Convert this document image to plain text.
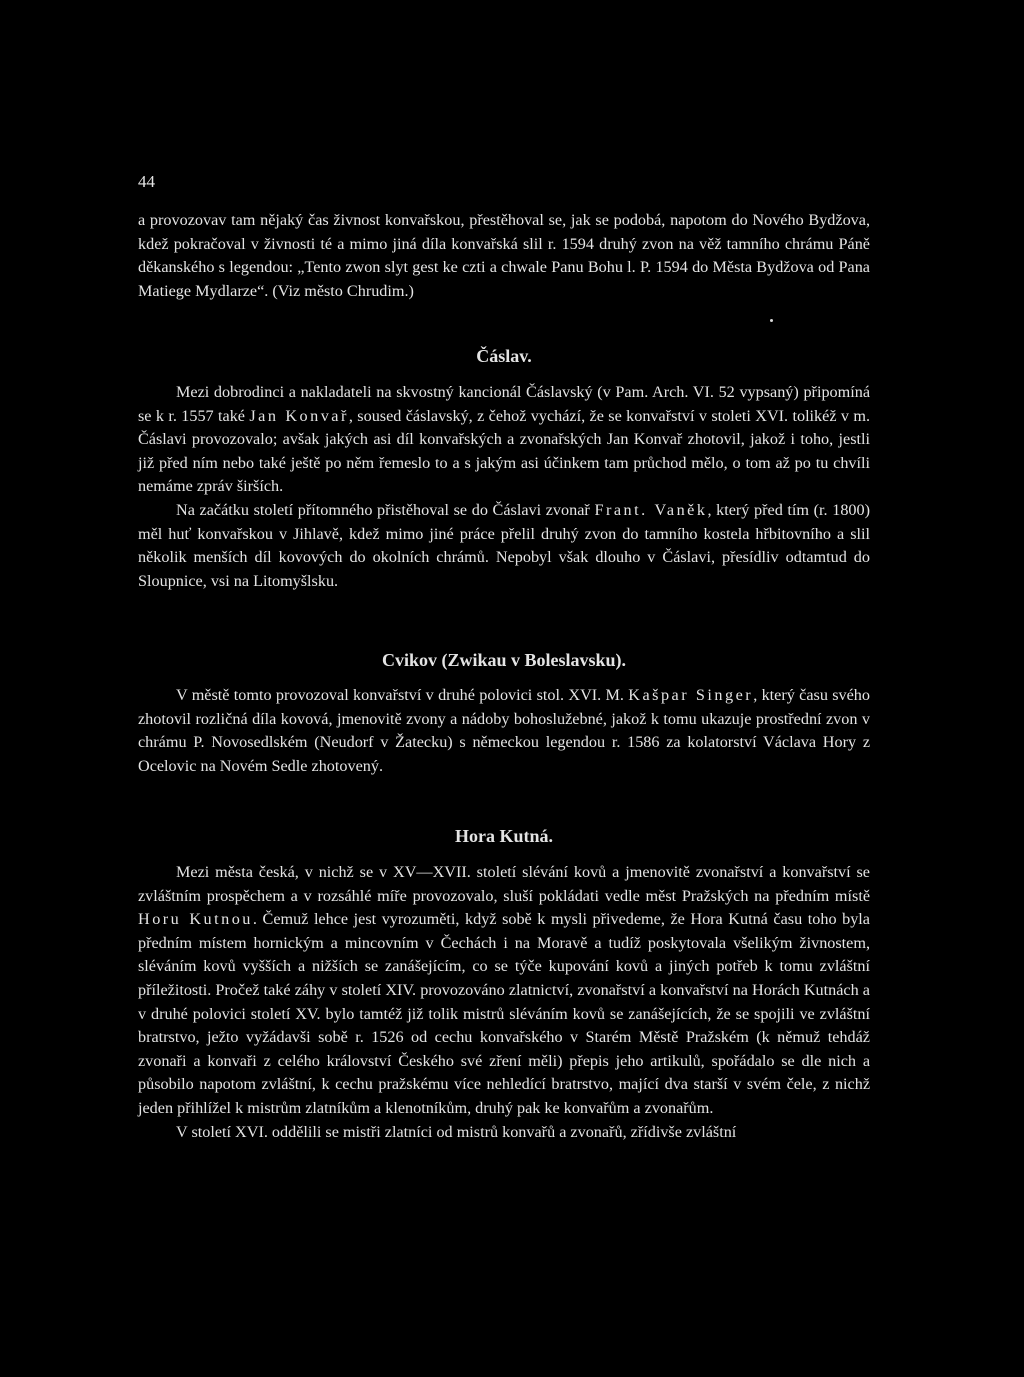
44

a provozovav tam nějaký čas živnost konvařskou, přestěhoval se, jak se podobá, napotom do Nového Bydžova, kdež pokračoval v živnosti té a mimo jiná díla konvařská slil r. 1594 druhý zvon na věž tamního chrámu Páně děkanského s legendou: „Tento zwon slyt gest ke czti a chwale Panu Bohu l. P. 1594 do Města Bydžova od Pana Matiege Mydlarze“. (Viz město Chrudim.)

Čáslav.

Mezi dobrodinci a nakladateli na skvostný kancionál Čáslavský (v Pam. Arch. VI. 52 vypsaný) připomíná se k r. 1557 také Jan Konvař, soused čáslavský, z čehož vychází, že se konvařství v stoleti XVI. tolikéž v m. Čáslavi provozovalo; avšak jakých asi díl konvařských a zvonařských Jan Konvař zhotovil, jakož i toho, jestli již před ním nebo také ještě po něm řemeslo to a s jakým asi účinkem tam průchod mělo, o tom až po tu chvíli nemáme zpráv širších.

Na začátku století přítomného přistěhoval se do Čáslavi zvonař Frant. Vaněk, který před tím (r. 1800) měl huť konvařskou v Jihlavě, kdež mimo jiné práce přelil druhý zvon do tamního kostela hřbitovního a slil několik menších díl kovových do okolních chrámů. Nepobyl však dlouho v Čáslavi, přesídliv odtamtud do Sloupnice, vsi na Litomyšlsku.

Cvikov (Zwikau v Boleslavsku).

V městě tomto provozoval konvařství v druhé polovici stol. XVI. M. Kašpar Singer, který času svého zhotovil rozličná díla kovová, jmenovitě zvony a nádoby bohoslužebné, jakož k tomu ukazuje prostřední zvon v chrámu P. Novosedlském (Neudorf v Žatecku) s německou legendou r. 1586 za kolatorství Václava Hory z Ocelovic na Novém Sedle zhotovený.

Hora Kutná.

Mezi města česká, v nichž se v XV—XVII. století slévání kovů a jmenovitě zvonařství a konvařství se zvláštním prospěchem a v rozsáhlé míře provozovalo, sluší pokládati vedle měst Pražských na předním místě Horu Kutnou. Čemuž lehce jest vyrozuměti, když sobě k mysli přivedeme, že Hora Kutná času toho byla předním místem hornickým a mincovním v Čechách i na Moravě a tudíž poskytovala všelikým živnostem, sléváním kovů vyšších a nižších se zanášejícím, co se týče kupování kovů a jiných potřeb k tomu zvláštní příležitosti. Pročež také záhy v století XIV. provozováno zlatnictví, zvonařství a konvařství na Horách Kutnách a v druhé polovici století XV. bylo tamtéž již tolik mistrů sléváním kovů se zanášejících, že se spojili ve zvláštní bratrstvo, ježto vyžádavši sobě r. 1526 od cechu konvařského v Starém Městě Pražském (k němuž tehdáž zvonaři a konvaři z celého království Českého své zření měli) přepis jeho artikulů, spořádalo se dle nich a působilo napotom zvláštní, k cechu pražskému více nehledící bratrstvo, mající dva starší v svém čele, z nichž jeden přihlížel k mistrům zlatníkům a klenotníkům, druhý pak ke konvařům a zvonařům.

V století XVI. oddělili se mistři zlatníci od mistrů konvařů a zvonařů, zřídivše zvláštní
